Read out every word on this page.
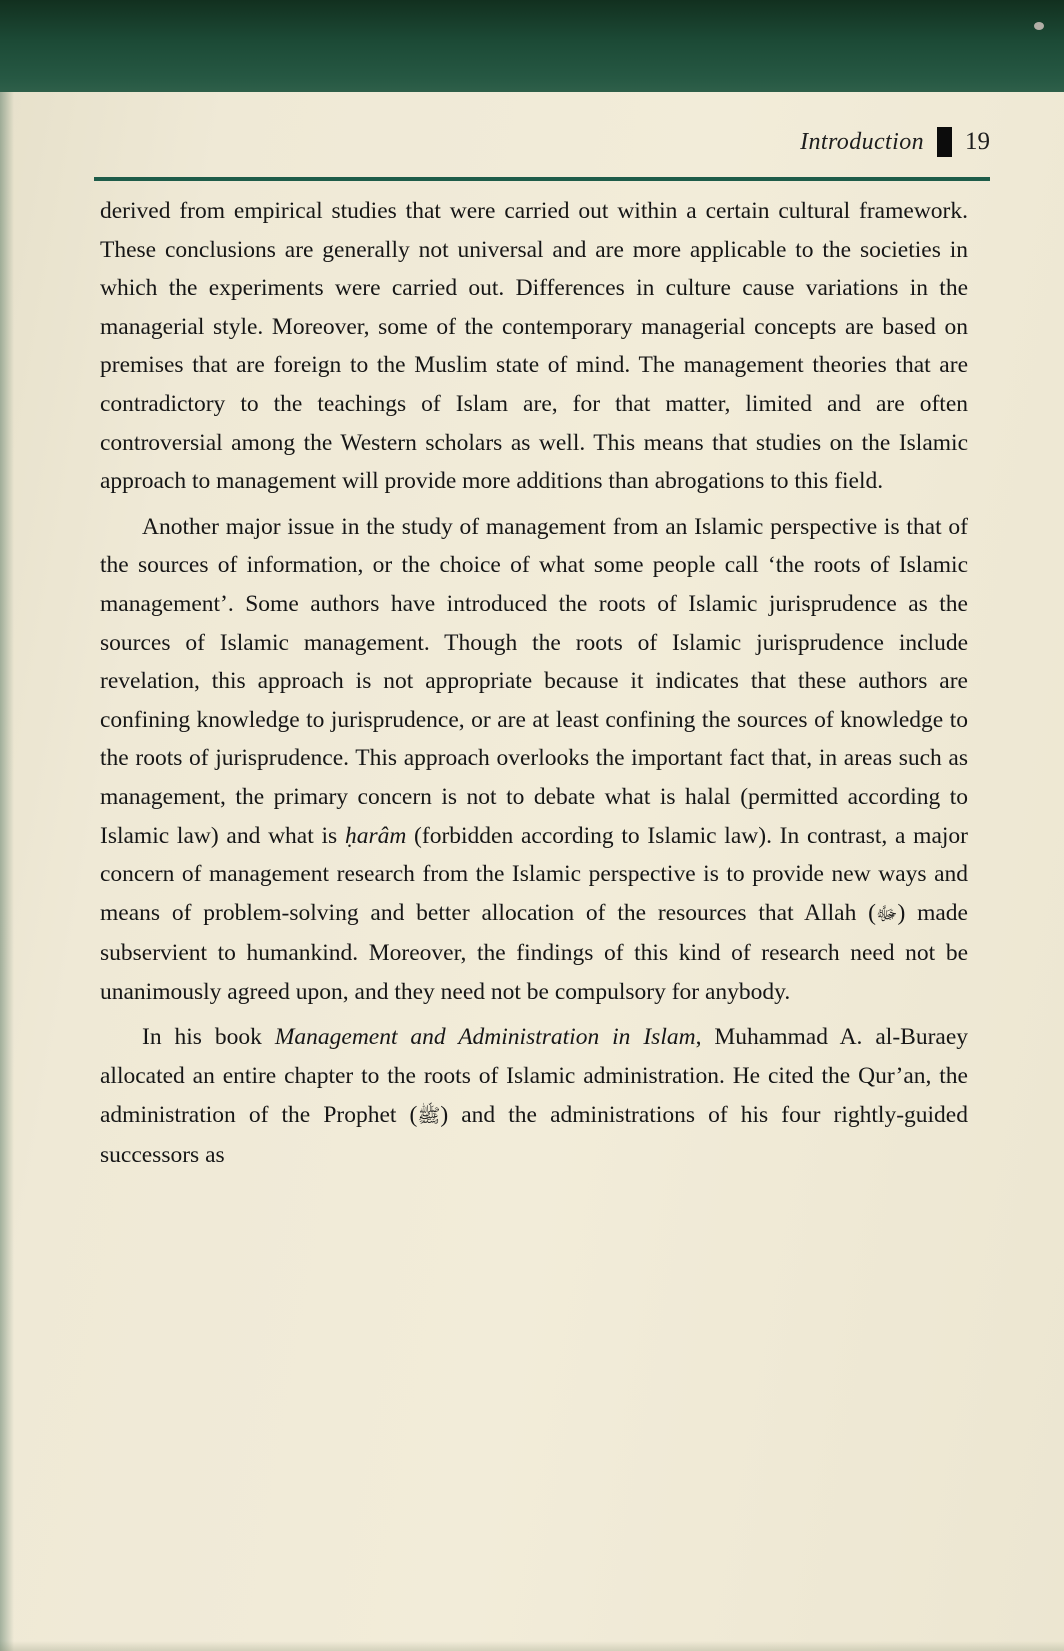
Introduction 19

derived from empirical studies that were carried out within a certain cultural framework. These conclusions are generally not universal and are more applicable to the societies in which the experiments were carried out. Differences in culture cause variations in the managerial style. Moreover, some of the contemporary managerial concepts are based on premises that are foreign to the Muslim state of mind. The management theories that are contradictory to the teachings of Islam are, for that matter, limited and are often controversial among the Western scholars as well. This means that studies on the Islamic approach to management will provide more additions than abrogations to this field.

Another major issue in the study of management from an Islamic perspective is that of the sources of information, or the choice of what some people call ‘the roots of Islamic management’. Some authors have introduced the roots of Islamic jurisprudence as the sources of Islamic management. Though the roots of Islamic jurisprudence include revelation, this approach is not appropriate because it indicates that these authors are confining knowledge to jurisprudence, or are at least confining the sources of knowledge to the roots of jurisprudence. This approach overlooks the important fact that, in areas such as management, the primary concern is not to debate what is halal (permitted according to Islamic law) and what is ḥarâm (forbidden according to Islamic law). In contrast, a major concern of management research from the Islamic perspective is to provide new ways and means of problem-solving and better allocation of the resources that Allah (ﷻ) made subservient to humankind. Moreover, the findings of this kind of research need not be unanimously agreed upon, and they need not be compulsory for anybody.

In his book Management and Administration in Islam, Muhammad A. al-Buraey allocated an entire chapter to the roots of Islamic administration. He cited the Qur’an, the administration of the Prophet (ﷺ) and the administrations of his four rightly-guided successors as
